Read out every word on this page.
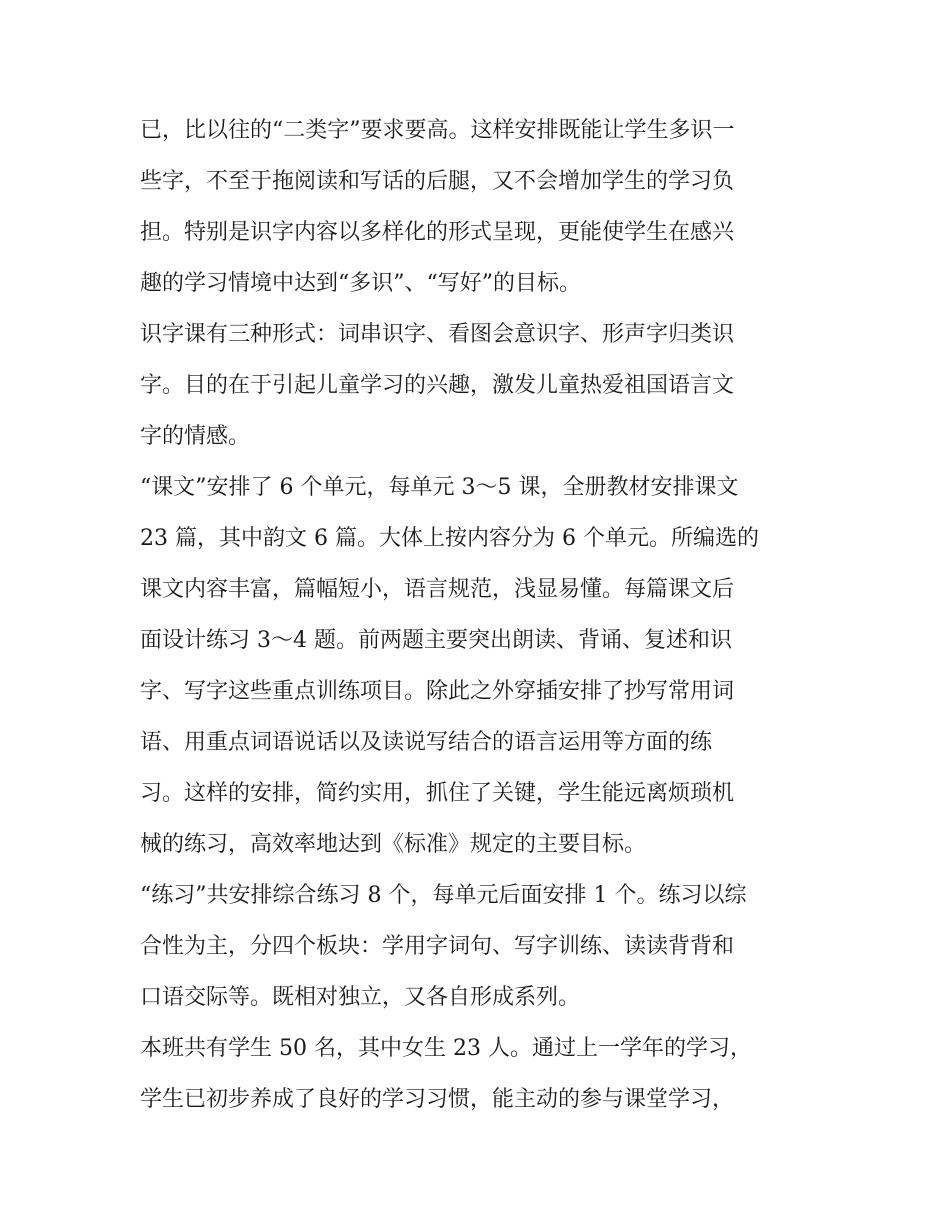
已，比以往的“二类字”要求要高。这样安排既能让学生多识一
些字，不至于拖阅读和写话的后腿，又不会增加学生的学习负
担。特别是识字内容以多样化的形式呈现，更能使学生在感兴
趣的学习情境中达到“多识”、“写好”的目标。

识字课有三种形式：词串识字、看图会意识字、形声字归类识
字。目的在于引起儿童学习的兴趣，激发儿童热爱祖国语言文
字的情感。

“课文”安排了 6 个单元，每单元 3～5 课，全册教材安排课文
23 篇，其中韵文 6 篇。大体上按内容分为 6 个单元。所编选的
课文内容丰富，篇幅短小，语言规范，浅显易懂。每篇课文后
面设计练习 3～4 题。前两题主要突出朗读、背诵、复述和识
字、写字这些重点训练项目。除此之外穿插安排了抄写常用词
语、用重点词语说话以及读说写结合的语言运用等方面的练
习。这样的安排，简约实用，抓住了关键，学生能远离烦琐机
械的练习，高效率地达到《标准》规定的主要目标。

“练习”共安排综合练习 8 个，每单元后面安排 1 个。练习以综
合性为主，分四个板块：学用字词句、写字训练、读读背背和
口语交际等。既相对独立，又各自形成系列。

本班共有学生 50 名，其中女生 23 人。通过上一学年的学习，
学生已初步养成了良好的学习习惯，能主动的参与课堂学习，
